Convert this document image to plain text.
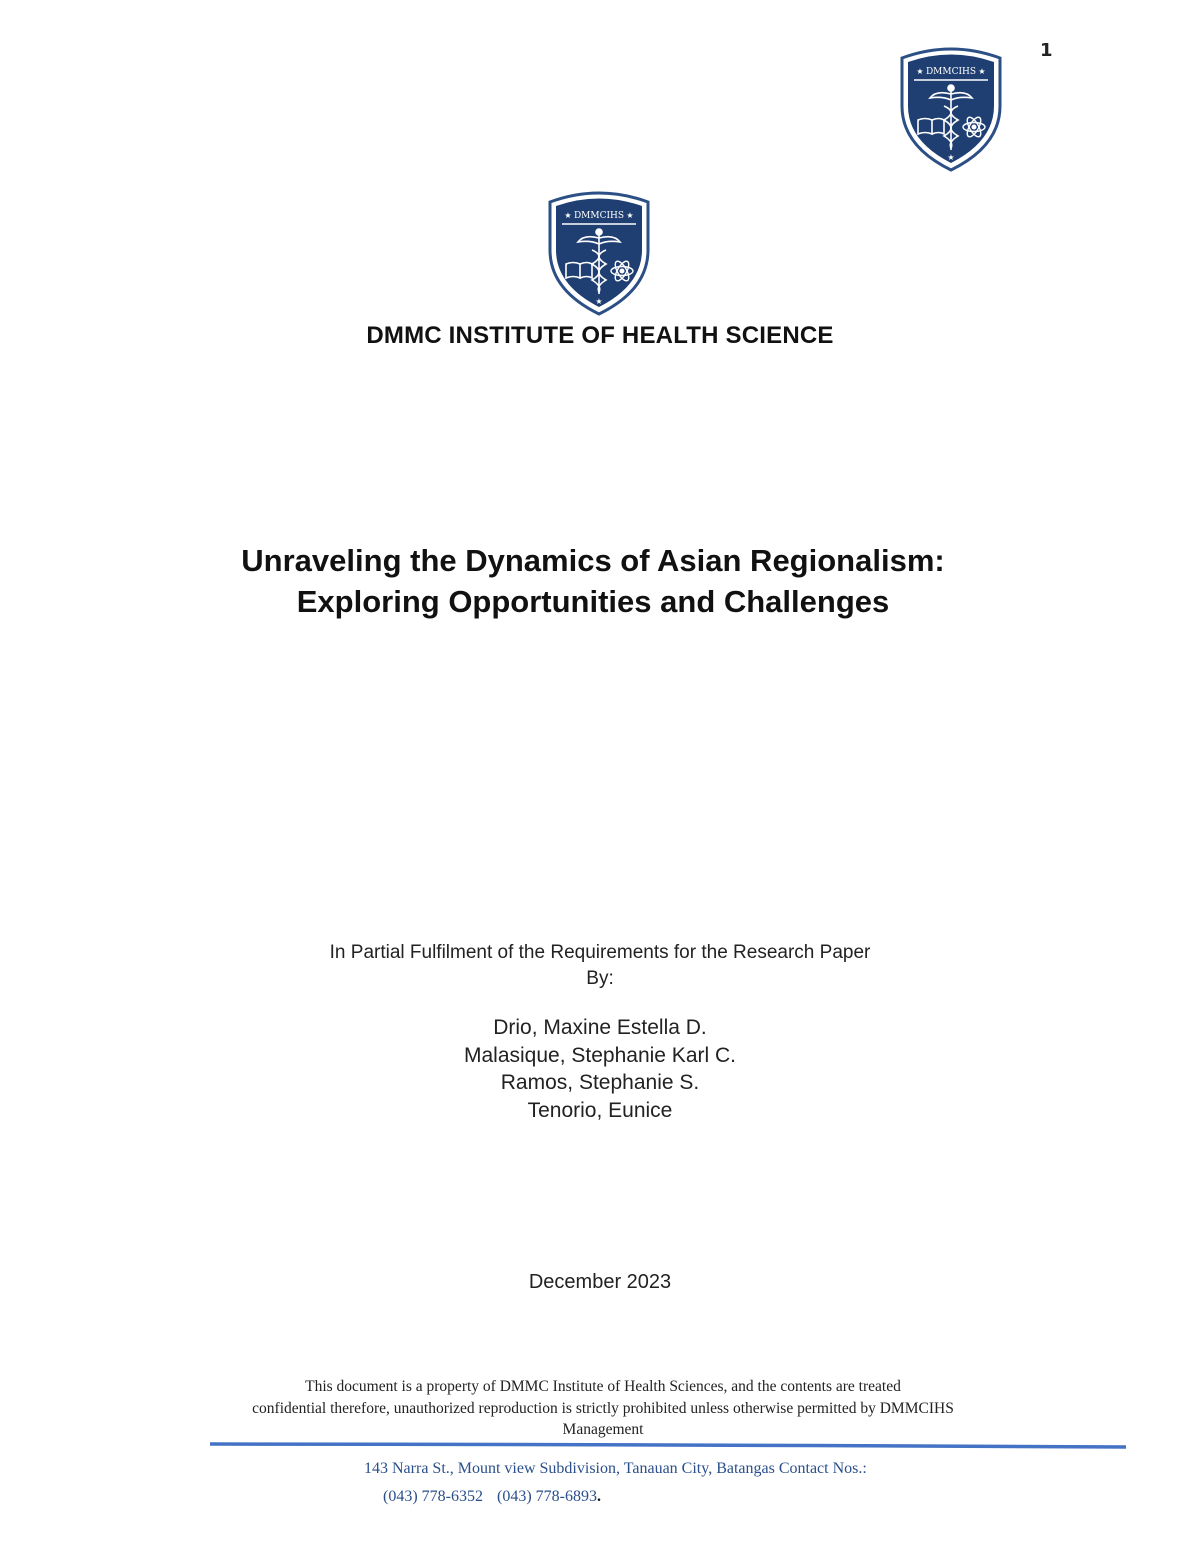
1
DMMCIHS
★	★
★
DMMCIHS
★	★
★
DMMC INSTITUTE OF HEALTH SCIENCE
Unraveling the Dynamics of Asian Regionalism:
Exploring Opportunities and Challenges
In Partial Fulfilment of the Requirements for the Research Paper
By:
Drio, Maxine Estella D.
Malasique, Stephanie Karl C.
Ramos, Stephanie S.
Tenorio, Eunice
December 2023
This document is a property of DMMC Institute of Health Sciences, and the contents are treated
confidential therefore, unauthorized reproduction is strictly prohibited unless otherwise permitted by DMMCIHS
Management
143 Narra St., Mount view Subdivision, Tanauan City, Batangas Contact Nos.:
(043) 778-6352 (043) 778-6893.
